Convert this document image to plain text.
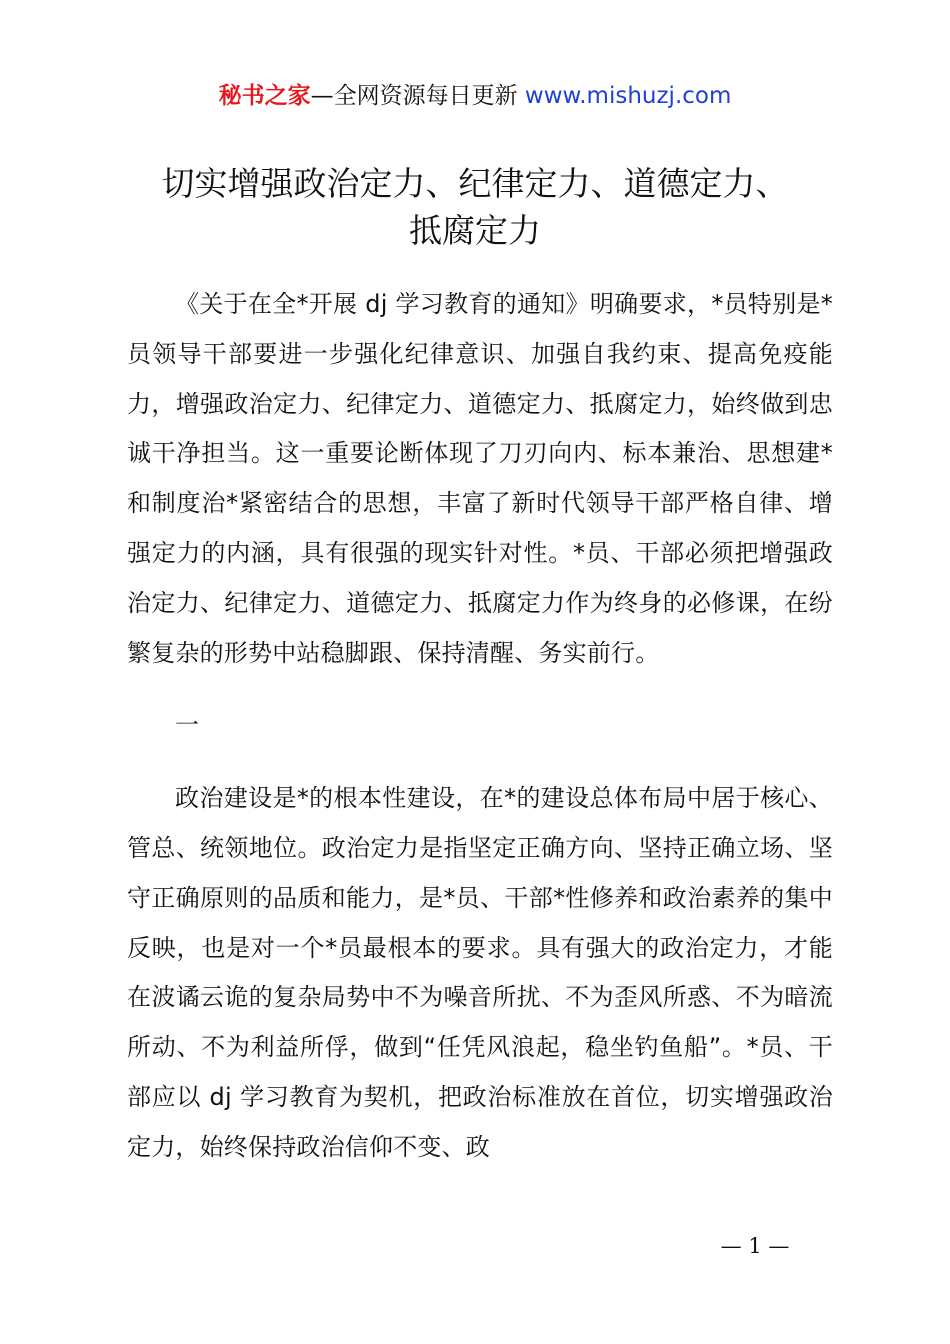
秘书之家—全网资源每日更新 www.mishuzj.com
切实增强政治定力、纪律定力、道德定力、
抵腐定力

《关于在全*开展 dj 学习教育的通知》明确要求，*员特别是*员领导干部要进一步强化纪律意识、加强自我约束、提高免疫能力，增强政治定力、纪律定力、道德定力、抵腐定力，始终做到忠诚干净担当。这一重要论断体现了刀刃向内、标本兼治、思想建*和制度治*紧密结合的思想，丰富了新时代领导干部严格自律、增强定力的内涵，具有很强的现实针对性。*员、干部必须把增强政治定力、纪律定力、道德定力、抵腐定力作为终身的必修课，在纷繁复杂的形势中站稳脚跟、保持清醒、务实前行。

一

政治建设是*的根本性建设，在*的建设总体布局中居于核心、管总、统领地位。政治定力是指坚定正确方向、坚持正确立场、坚守正确原则的品质和能力，是*员、干部*性修养和政治素养的集中反映，也是对一个*员最根本的要求。具有强大的政治定力，才能在波谲云诡的复杂局势中不为噪音所扰、不为歪风所惑、不为暗流所动、不为利益所俘，做到“任凭风浪起，稳坐钓鱼船”。*员、干部应以 dj 学习教育为契机，把政治标准放在首位，切实增强政治定力，始终保持政治信仰不变、政

— 1 —
